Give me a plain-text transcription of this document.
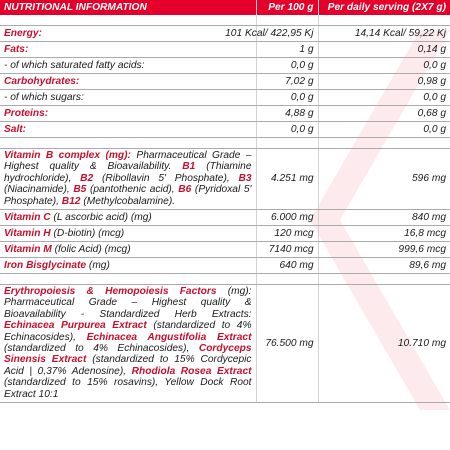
NUTRITIONAL INFORMATION	Per 100 g	Per daily serving (2X7 g)

Energy:	101 Kcal/ 422,95 Kj	14,14 Kcal/ 59,22 Kj
Fats:	1 g	0,14 g
- of which saturated fatty acids:	0,0 g	0,0 g
Carbohydrates:	7,02 g	0,98 g
- of which sugars:	0,0 g	0,0 g
Proteins:	4,88 g	0,68 g
Salt:	0,0 g	0,0 g

Vitamin B complex (mg): Pharmaceutical Grade – Highest quality & Bioavailability. B1 (Thiamine hydrochloride), B2 (Ribollavin 5' Phosphate), B3 (Niacinamide), B5 (pantothenic acid), B6 (Pyridoxal 5' Phosphate), B12 (Methylcobalamine).	4.251 mg	596 mg
Vitamin C (L ascorbic acid) (mg)	6.000 mg	840 mg
Vitamin H (D-biotin) (mcg)	120 mcg	16,8 mcg
Vitamin M (folic Acid) (mcg)	7140 mcg	999,6 mcg
Iron Bisglycinate (mg)	640 mg	89,6 mg

Erythropoiesis & Hemopoiesis Factors (mg): Pharmaceutical Grade – Highest quality & Bioavailability - Standardized Herb Extracts: Echinacea Purpurea Extract (standardized to 4% Echinacosides), Echinacea Angustifolia Extract (standardized to 4% Echinacosides), Cordyceps Sinensis Extract (standardized to 15% Cordycepic Acid | 0,37% Adenosine), Rhodiola Rosea Extract (standardized to 15% rosavins), Yellow Dock Root Extract 10:1	76.500 mg	10.710 mg
